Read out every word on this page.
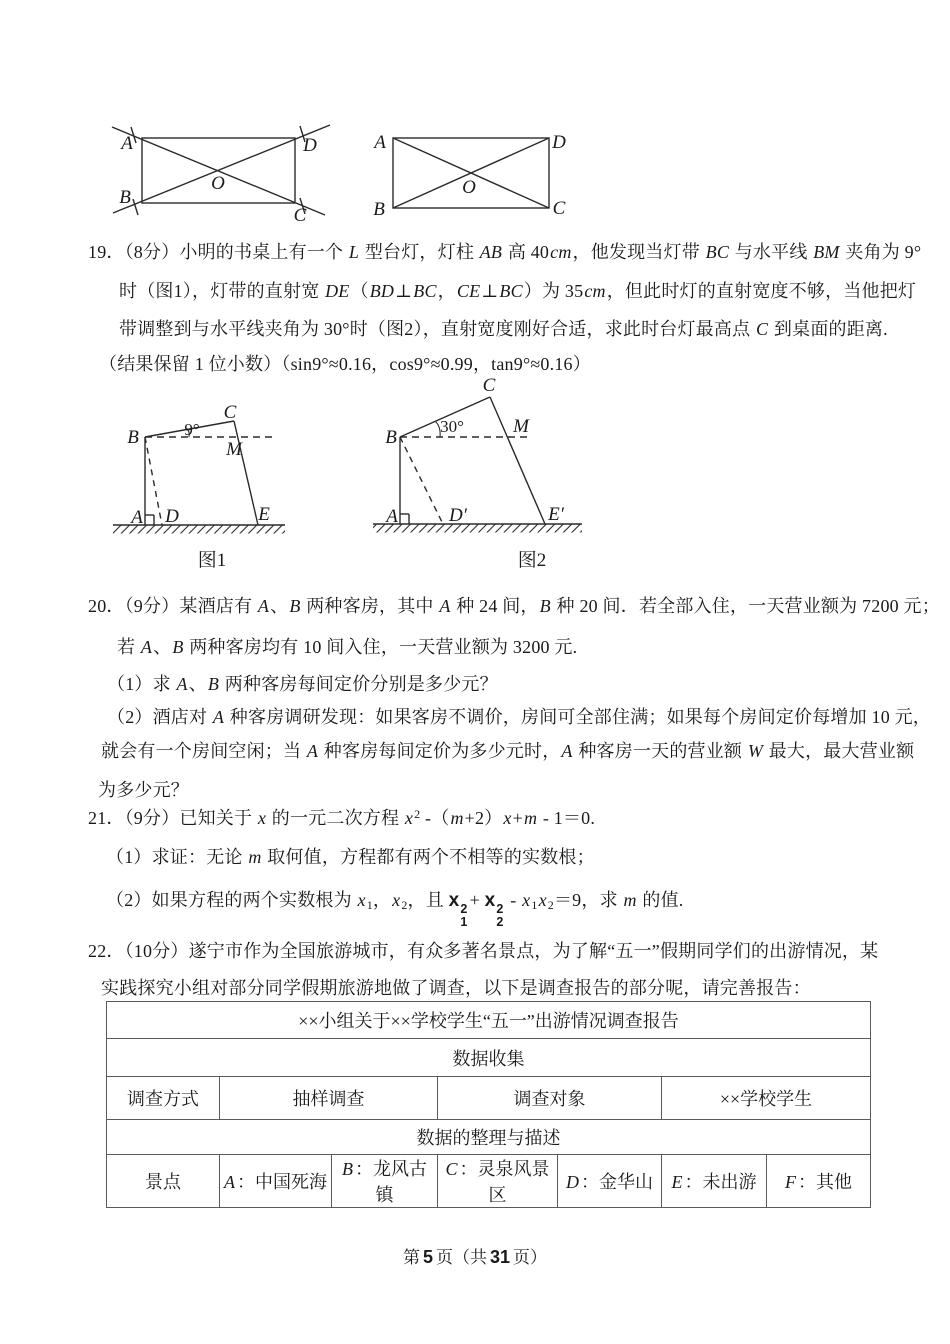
A	D
B
C
O
A	D
B	C
O
19．（8分）小明的书桌上有一个 L 型台灯，灯柱 AB 高 40cm，他发现当灯带 BC 与水平线 BM 夹角为 9°
时（图1），灯带的直射宽 DE（BD⊥BC，CE⊥BC）为 35cm，但此时灯的直射宽度不够，当他把灯
带调整到与水平线夹角为 30°时（图2），直射宽度刚好合适，求此时台灯最高点 C 到桌面的距离.
（结果保留 1 位小数）（sin9°≈0.16，cos9°≈0.99，tan9°≈0.16）
B
C
M
A D	E
9°
图1
B
C
M
A	D′	E′
30°
图2
20．（9分）某酒店有 A、B 两种客房，其中 A 种 24 间，B 种 20 间．若全部入住，一天营业额为 7200 元；
若 A、B 两种客房均有 10 间入住，一天营业额为 3200 元.
（1）求 A、B 两种客房每间定价分别是多少元？
（2）酒店对 A 种客房调研发现：如果客房不调价，房间可全部住满；如果每个房间定价每增加 10 元，
就会有一个房间空闲；当 A 种客房每间定价为多少元时，A 种客房一天的营业额 W 最大，最大营业额
为多少元？
21．（9分）已知关于 x 的一元二次方程 $x^2$ -（m+2）x+m - 1＝0.
（1）求证：无论 m 取何值，方程都有两个不相等的实数根；
（2）如果方程的两个实数根为 $x_1$，$x_2$，且 x 2
1
+ x 2
2
- $x_1x_2=9$，求 m 的值.
22．（10分）遂宁市作为全国旅游城市，有众多著名景点，为了解“五一”假期同学们的出游情况，某
实践探究小组对部分同学假期旅游地做了调查，以下是调查报告的部分呢，请完善报告：
××小组关于××学校学生“五一”出游情况调查报告						
数据收集						
调查方式	抽样调查		调查对象		××学校学生	
数据的整理与描述						
景点	A ：中国死海	B ：龙风古镇	C ：灵泉风景区	D ：金华山	E ：未出游	F ：其他
第 5 页（共 31 页）
